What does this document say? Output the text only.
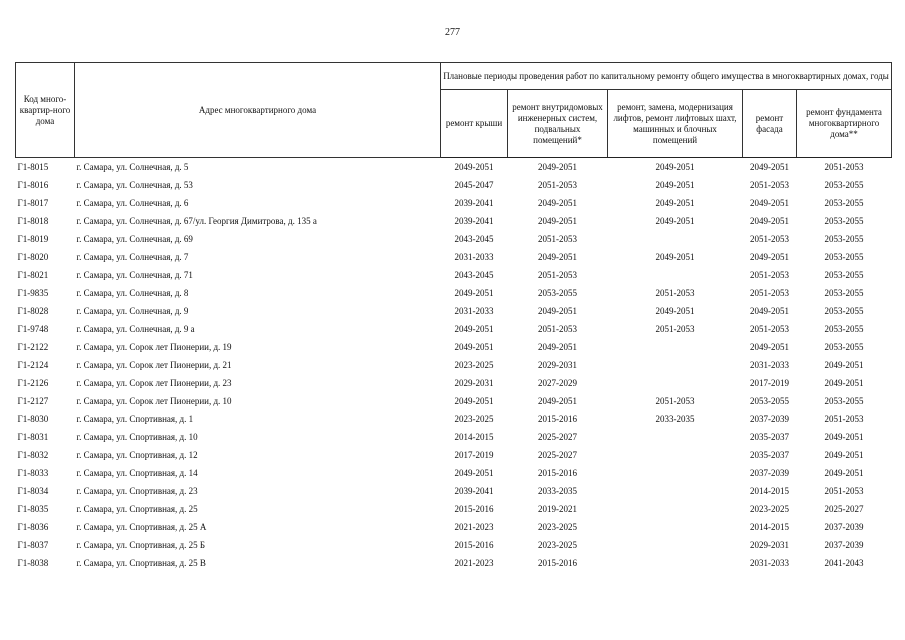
277
Код много-квартир-ного дома	Адрес многоквартирного дома	Плановые периоды проведения работ по капитальному ремонту общего имущества в многоквартирных домах, годы				
		ремонт крыши	ремонт внутридомовых инженерных систем, подвальных помещений*	ремонт, замена, модернизация лифтов, ремонт лифтовых шахт, машинных и блочных помещений	ремонт фасада	ремонт фундамента многоквартирного дома**
Г1-8015	г. Самара, ул. Солнечная, д. 5	2049-2051	2049-2051	2049-2051	2049-2051	2051-2053
Г1-8016	г. Самара, ул. Солнечная, д. 53	2045-2047	2051-2053	2049-2051	2051-2053	2053-2055
Г1-8017	г. Самара, ул. Солнечная, д. 6	2039-2041	2049-2051	2049-2051	2049-2051	2053-2055
Г1-8018	г. Самара, ул. Солнечная, д. 67/ул. Георгия Димитрова, д. 135 а	2039-2041	2049-2051	2049-2051	2049-2051	2053-2055
Г1-8019	г. Самара, ул. Солнечная, д. 69	2043-2045	2051-2053		2051-2053	2053-2055
Г1-8020	г. Самара, ул. Солнечная, д. 7	2031-2033	2049-2051	2049-2051	2049-2051	2053-2055
Г1-8021	г. Самара, ул. Солнечная, д. 71	2043-2045	2051-2053		2051-2053	2053-2055
Г1-9835	г. Самара, ул. Солнечная, д. 8	2049-2051	2053-2055	2051-2053	2051-2053	2053-2055
Г1-8028	г. Самара, ул. Солнечная, д. 9	2031-2033	2049-2051	2049-2051	2049-2051	2053-2055
Г1-9748	г. Самара, ул. Солнечная, д. 9 а	2049-2051	2051-2053	2051-2053	2051-2053	2053-2055
Г1-2122	г. Самара, ул. Сорок лет Пионерии, д. 19	2049-2051	2049-2051		2049-2051	2053-2055
Г1-2124	г. Самара, ул. Сорок лет Пионерии, д. 21	2023-2025	2029-2031		2031-2033	2049-2051
Г1-2126	г. Самара, ул. Сорок лет Пионерии, д. 23	2029-2031	2027-2029		2017-2019	2049-2051
Г1-2127	г. Самара, ул. Сорок лет Пионерии, д. 10	2049-2051	2049-2051	2051-2053	2053-2055	2053-2055
Г1-8030	г. Самара, ул. Спортивная, д. 1	2023-2025	2015-2016	2033-2035	2037-2039	2051-2053
Г1-8031	г. Самара, ул. Спортивная, д. 10	2014-2015	2025-2027		2035-2037	2049-2051
Г1-8032	г. Самара, ул. Спортивная, д. 12	2017-2019	2025-2027		2035-2037	2049-2051
Г1-8033	г. Самара, ул. Спортивная, д. 14	2049-2051	2015-2016		2037-2039	2049-2051
Г1-8034	г. Самара, ул. Спортивная, д. 23	2039-2041	2033-2035		2014-2015	2051-2053
Г1-8035	г. Самара, ул. Спортивная, д. 25	2015-2016	2019-2021		2023-2025	2025-2027
Г1-8036	г. Самара, ул. Спортивная, д. 25 А	2021-2023	2023-2025		2014-2015	2037-2039
Г1-8037	г. Самара, ул. Спортивная, д. 25 Б	2015-2016	2023-2025		2029-2031	2037-2039
Г1-8038	г. Самара, ул. Спортивная, д. 25 В	2021-2023	2015-2016		2031-2033	2041-2043
